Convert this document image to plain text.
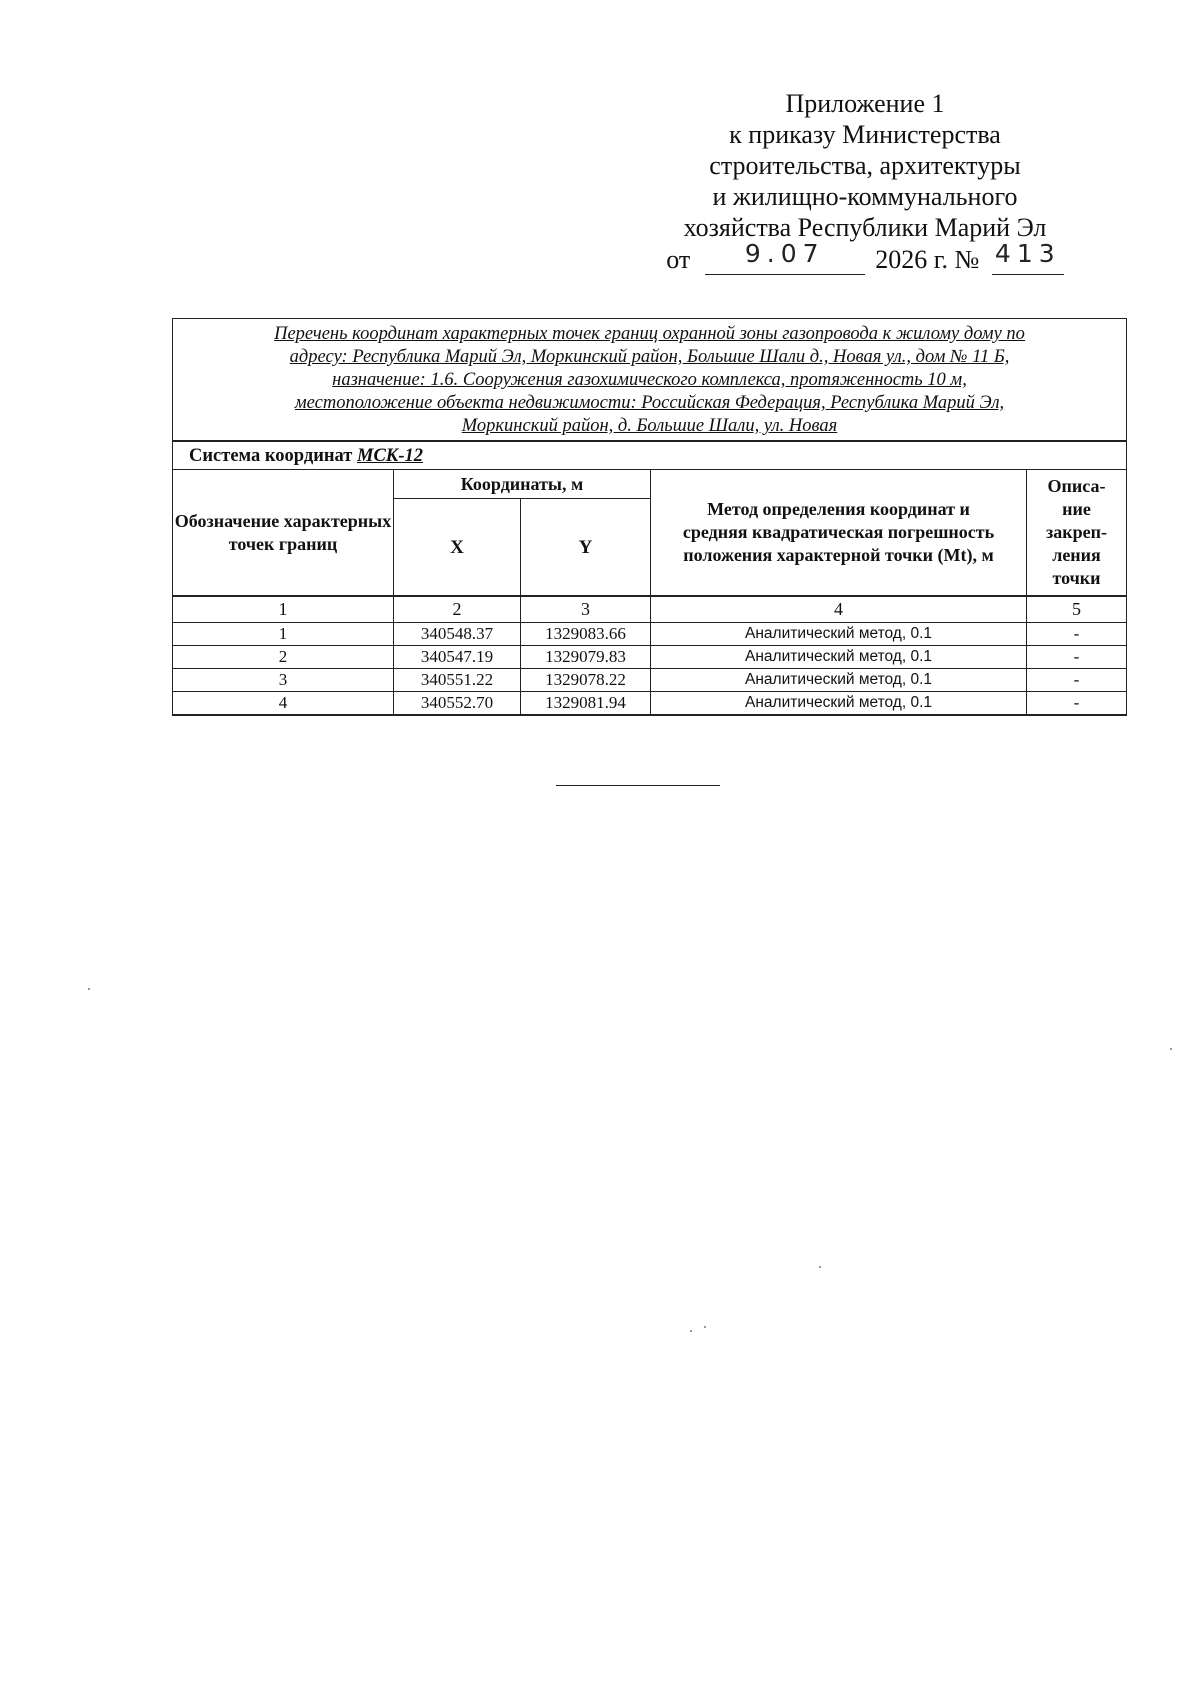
Приложение 1
к приказу Министерства
строительства, архитектуры
и жилищно-коммунального
хозяйства Республики Марий Эл
от 9.07 2026 г. № 413
Перечень координат характерных точек границ охранной зоны газопровода к жилому дому по
адресу: Республика Марий Эл, Моркинский район, Большие Шали д., Новая ул., дом № 11 Б,
назначение: 1.6. Сооружения газохимического комплекса, протяженность 10 м,
местоположение объекта недвижимости: Российская Федерация, Республика Марий Эл,
Моркинский район, д. Большие Шали, ул. Новая				

Система координат МСК-12				
Обозначение характерных точек границ	Координаты, м		Метод определения координат и средняя квадратическая погрешность положения характерной точки (Mt), м	Описа-
ние
закреп-
ления
точки

	X	Y		
1	2	3	4	5
1	340548.37	1329083.66	Аналитический метод, 0.1	-
2	340547.19	1329079.83	Аналитический метод, 0.1	-
3	340551.22	1329078.22	Аналитический метод, 0.1	-
4	340552.70	1329081.94	Аналитический метод, 0.1	-
